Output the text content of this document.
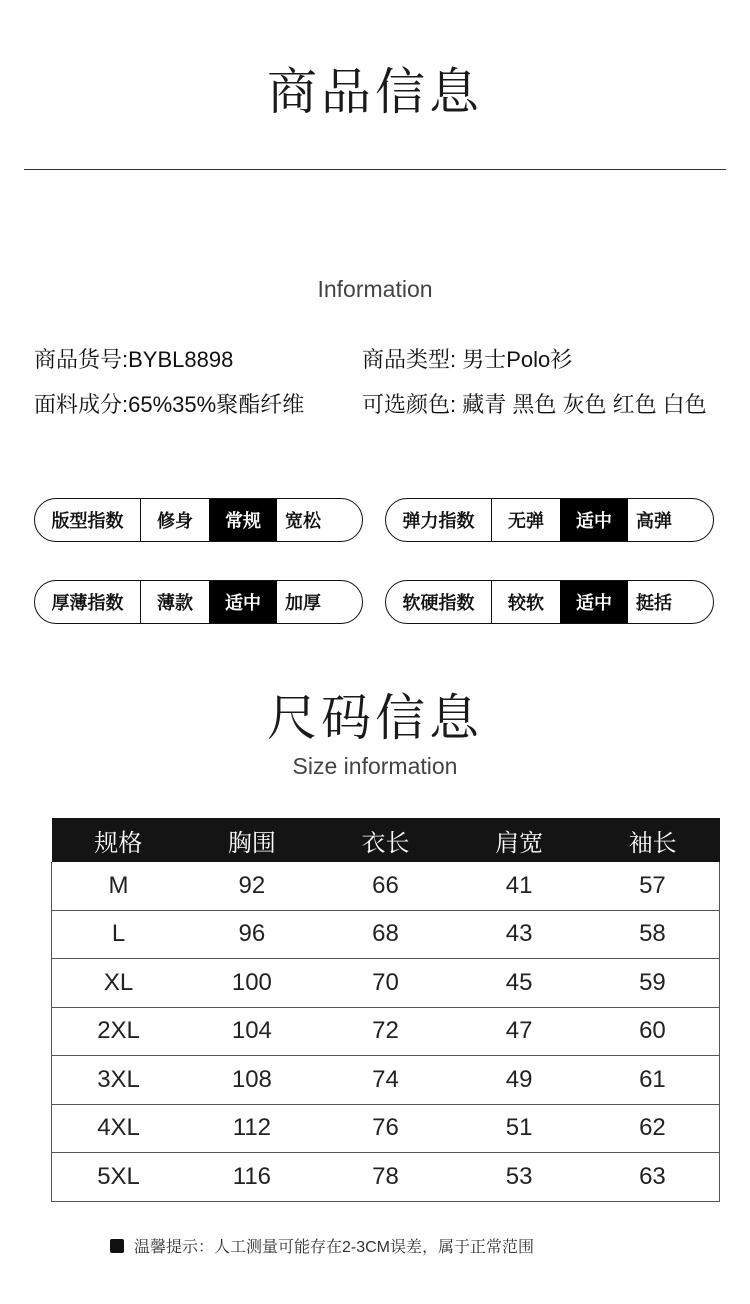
商品信息
Information
商品货号:BYBL8898	商品类型: 男士Polo衫
面料成分:65%35%聚酯纤维	可选颜色: 藏青 黑色 灰色 红色 白色
版型指数	修身	常规	宽松	弹力指数	无弹	适中	高弹
厚薄指数	薄款	适中	加厚	软硬指数	较软	适中	挺括
尺码信息
Size information
规格	胸围	衣长	肩宽	袖长
M	92	66	41	57
L	96	68	43	58
XL	100	70	45	59
2XL	104	72	47	60
3XL	108	74	49	61
4XL	112	76	51	62
5XL	116	78	53	63
温馨提示：人工测量可能存在2-3CM误差，属于正常范围
